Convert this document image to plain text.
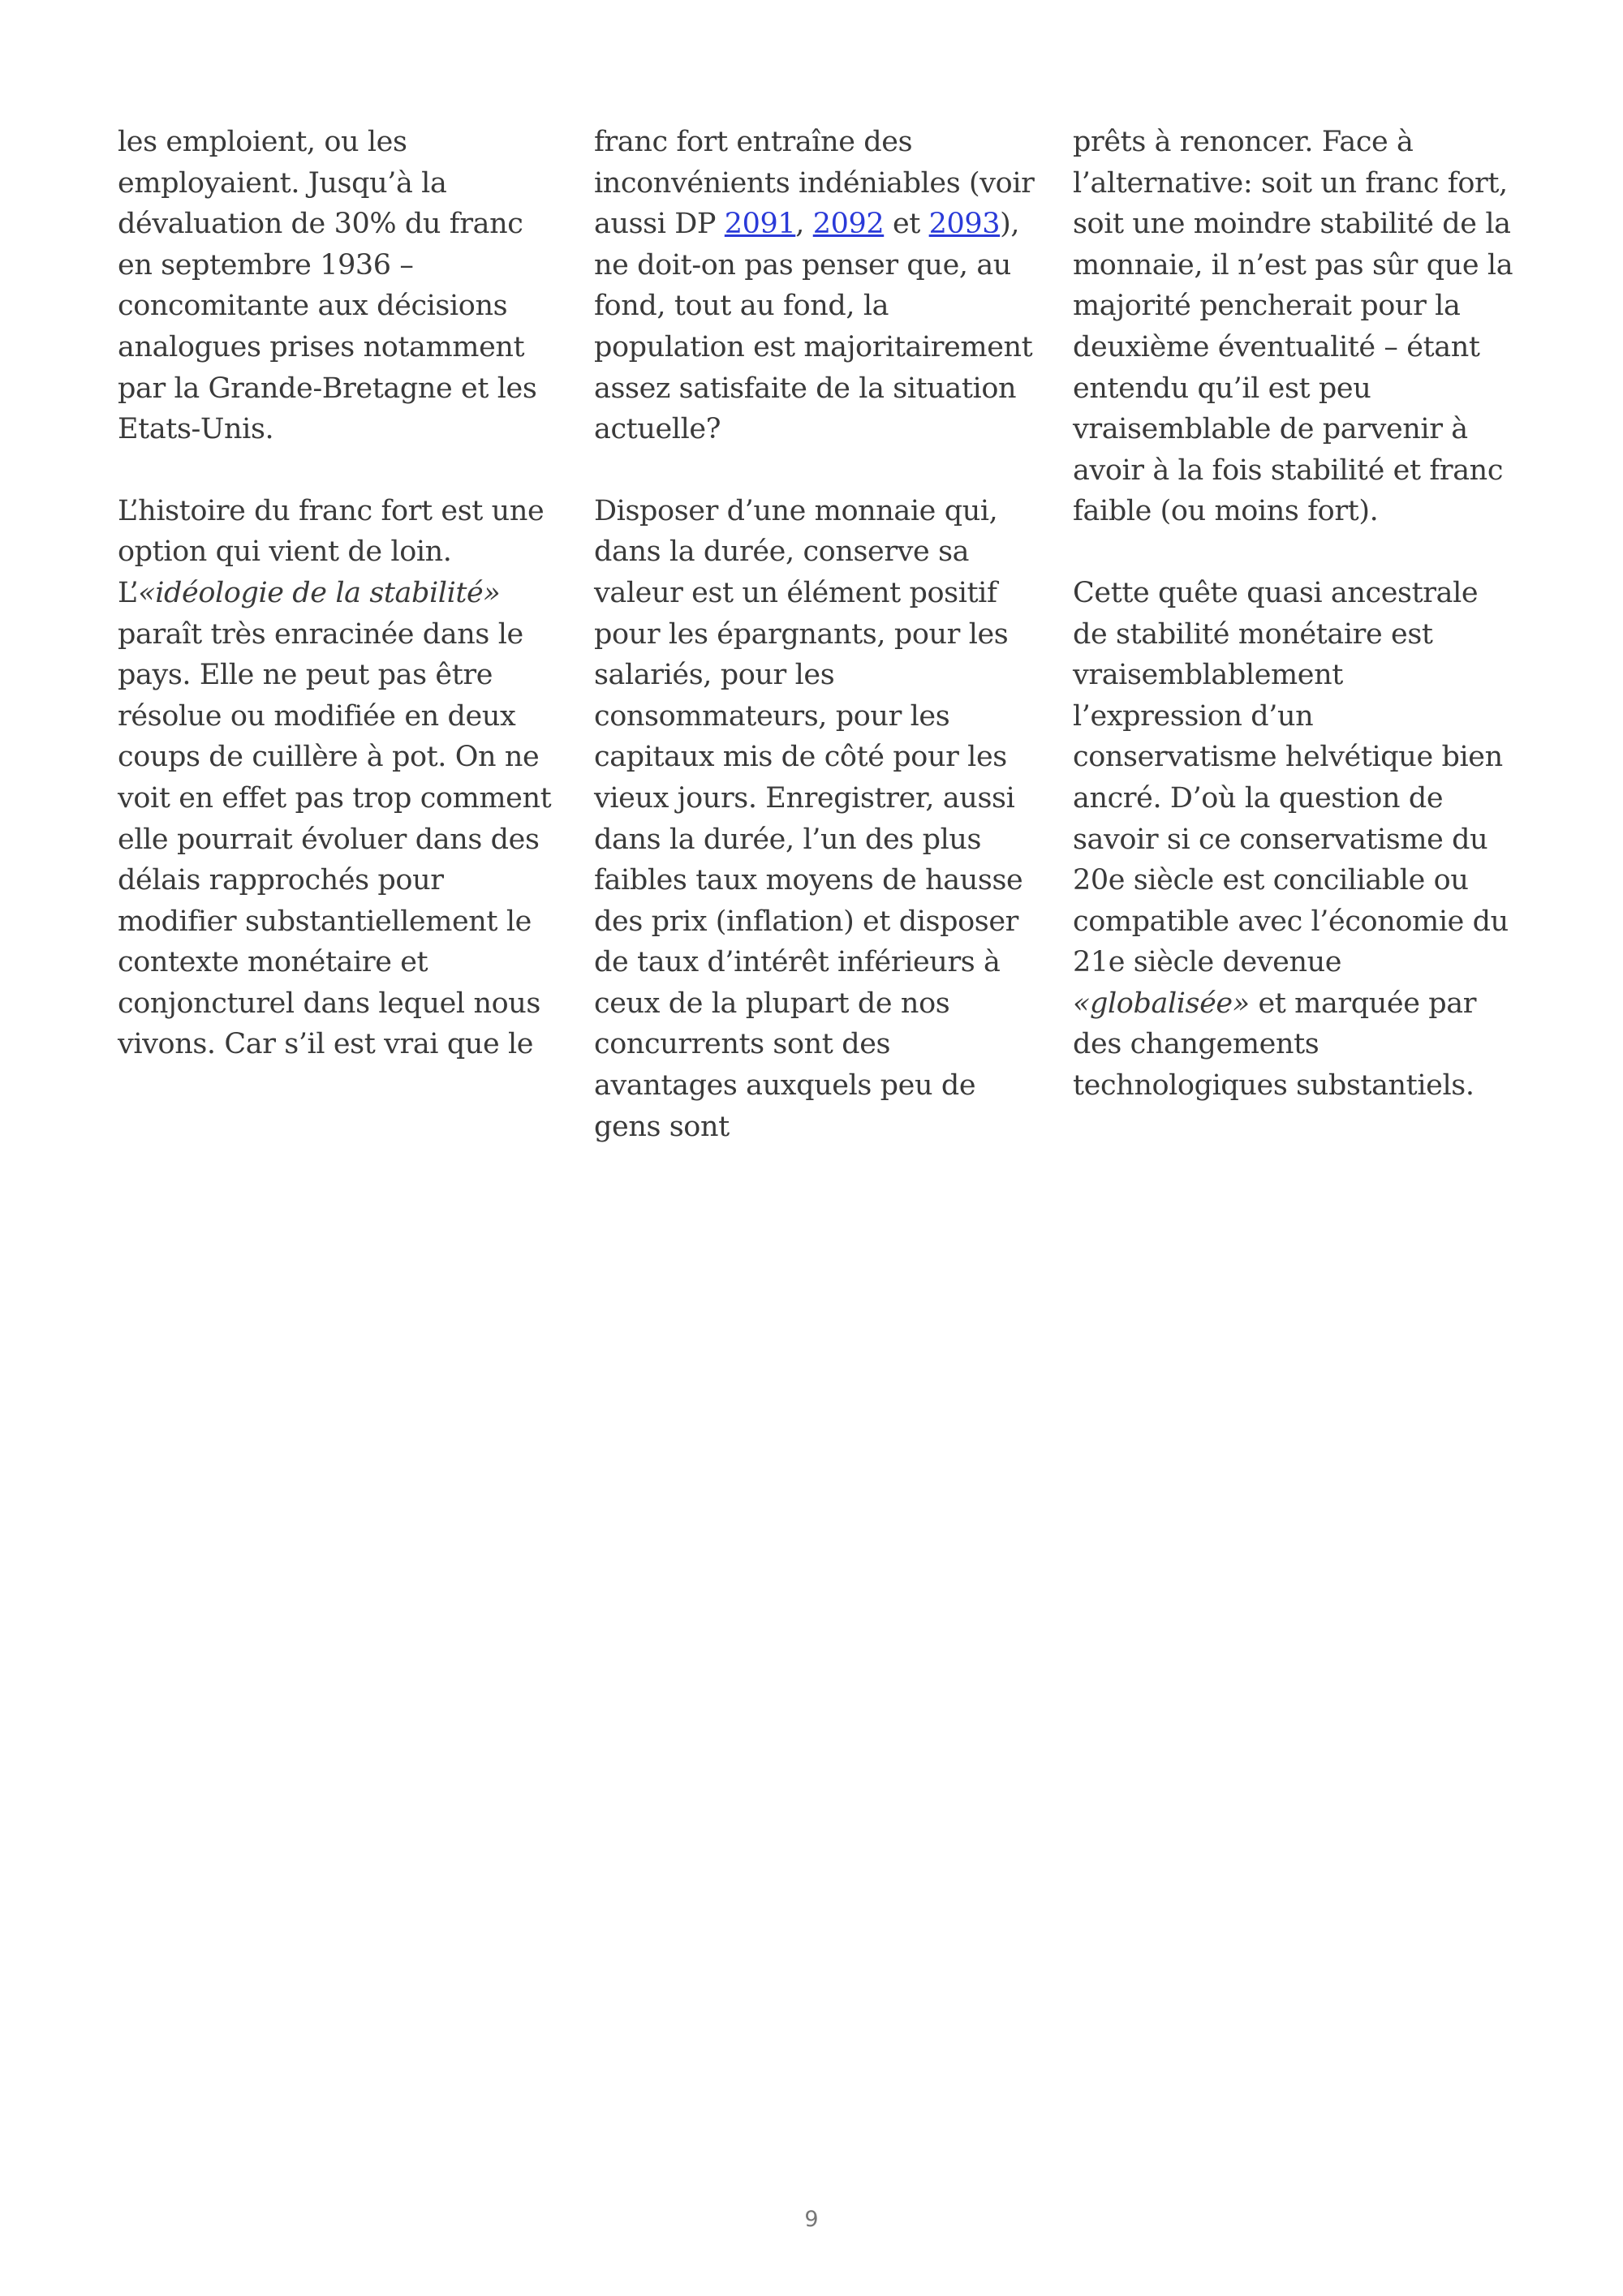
les emploient, ou les employaient. Jusqu’à la dévaluation de 30% du franc en septembre 1936 – concomitante aux décisions analogues prises notamment par la Grande-Bretagne et les Etats-Unis.

L’histoire du franc fort est une option qui vient de loin. L’«idéologie de la stabilité» paraît très enracinée dans le pays. Elle ne peut pas être résolue ou modifiée en deux coups de cuillère à pot. On ne voit en effet pas trop comment elle pourrait évoluer dans des délais rapprochés pour modifier substantiellement le contexte monétaire et conjoncturel dans lequel nous vivons. Car s’il est vrai que le

franc fort entraîne des inconvénients indéniables (voir aussi DP 2091, 2092 et 2093), ne doit-on pas penser que, au fond, tout au fond, la population est majoritairement assez satisfaite de la situation actuelle?

Disposer d’une monnaie qui, dans la durée, conserve sa valeur est un élément positif pour les épargnants, pour les salariés, pour les consommateurs, pour les capitaux mis de côté pour les vieux jours. Enregistrer, aussi dans la durée, l’un des plus faibles taux moyens de hausse des prix (inflation) et disposer de taux d’intérêt inférieurs à ceux de la plupart de nos concurrents sont des avantages auxquels peu de gens sont

prêts à renoncer. Face à l’alternative: soit un franc fort, soit une moindre stabilité de la monnaie, il n’est pas sûr que la majorité pencherait pour la deuxième éventualité – étant entendu qu’il est peu vraisemblable de parvenir à avoir à la fois stabilité et franc faible (ou moins fort).

Cette quête quasi ancestrale de stabilité monétaire est vraisemblablement l’expression d’un conservatisme helvétique bien ancré. D’où la question de savoir si ce conservatisme du 20e siècle est conciliable ou compatible avec l’économie du 21e siècle devenue «globalisée» et marquée par des changements technologiques substantiels.

9
